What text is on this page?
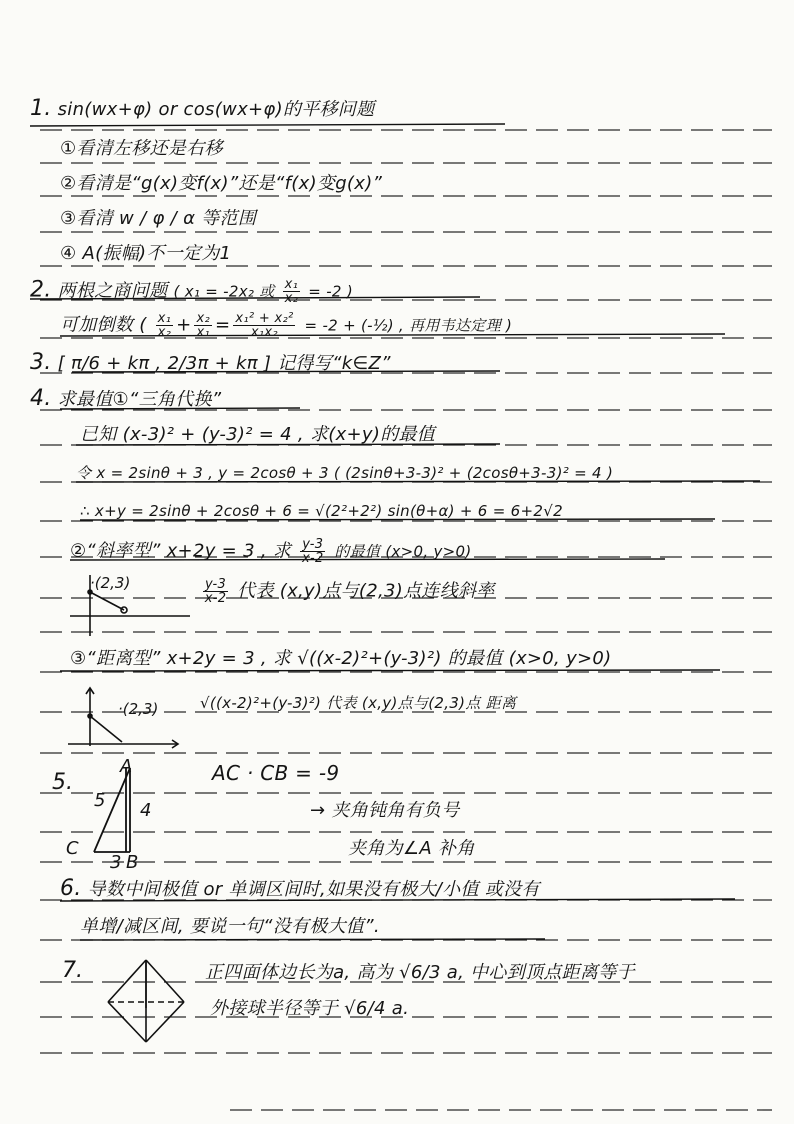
1. sin(wx+φ) or cos(wx+φ)的平移问题
①看清左移还是右移
②看清是“g(x)变f(x)”还是“f(x)变g(x)”
③看清 w / φ / α 等范围
④ A(振幅)不一定为1
2. 两根之商问题 ( x₁ = -2x₂ 或 $\frac{\text{x₁}}{\text{x₂}} = -2$ )
可加倒数 ( $\frac{\text{x₁}}{\text{x₂}} + \frac{\text{x₂}}{\text{x₁}} = \frac{\text{x₁² + x₂²}}{\text{x₁x₂}} = -2$ + (-½) , 再用韦达定理 )
3. [ π/6 + kπ , 2/3π + kπ ] 记得写“k∈Z”
4. 求最值①“三角代换”
已知 (x-3)² + (y-3)² = 4 , 求(x+y)的最值
令 x = 2sinθ + 3 , y = 2cosθ + 3 ( (2sinθ+3-3)² + (2cosθ+3-3)² = 4 )
∴ x+y = 2sinθ + 2cosθ + 6 = √(2²+2²) sin(θ+α) + 6 = 6+2√2
②“斜率型” x+2y = 3 , 求 $\frac{y-3}{x-2}$ 的最值 (x>0, y>0)
·(2,3)	$\frac{y-3}{x-2}$ 代表 (x,y)点与(2,3)点连线斜率
③“距离型” x+2y = 3 , 求 √((x-2)²+(y-3)²) 的最值 (x>0, y>0)
·(2,3)	√((x-2)²+(y-3)²) 代表 (x,y)点与(2,3)点 距离
5.
A
B
C
5 4
3
AC · CB = -9
→ 夹角钝角有负号
夹角为∠A 补角
6. 导数中间极值 or 单调区间时,如果没有极大/小值 或没有
单增/减区间, 要说一句“没有极大值”.
7.	正四面体边长为a, 高为 √6/3 a, 中心到顶点距离等于
外接球半径等于 √6/4 a.
